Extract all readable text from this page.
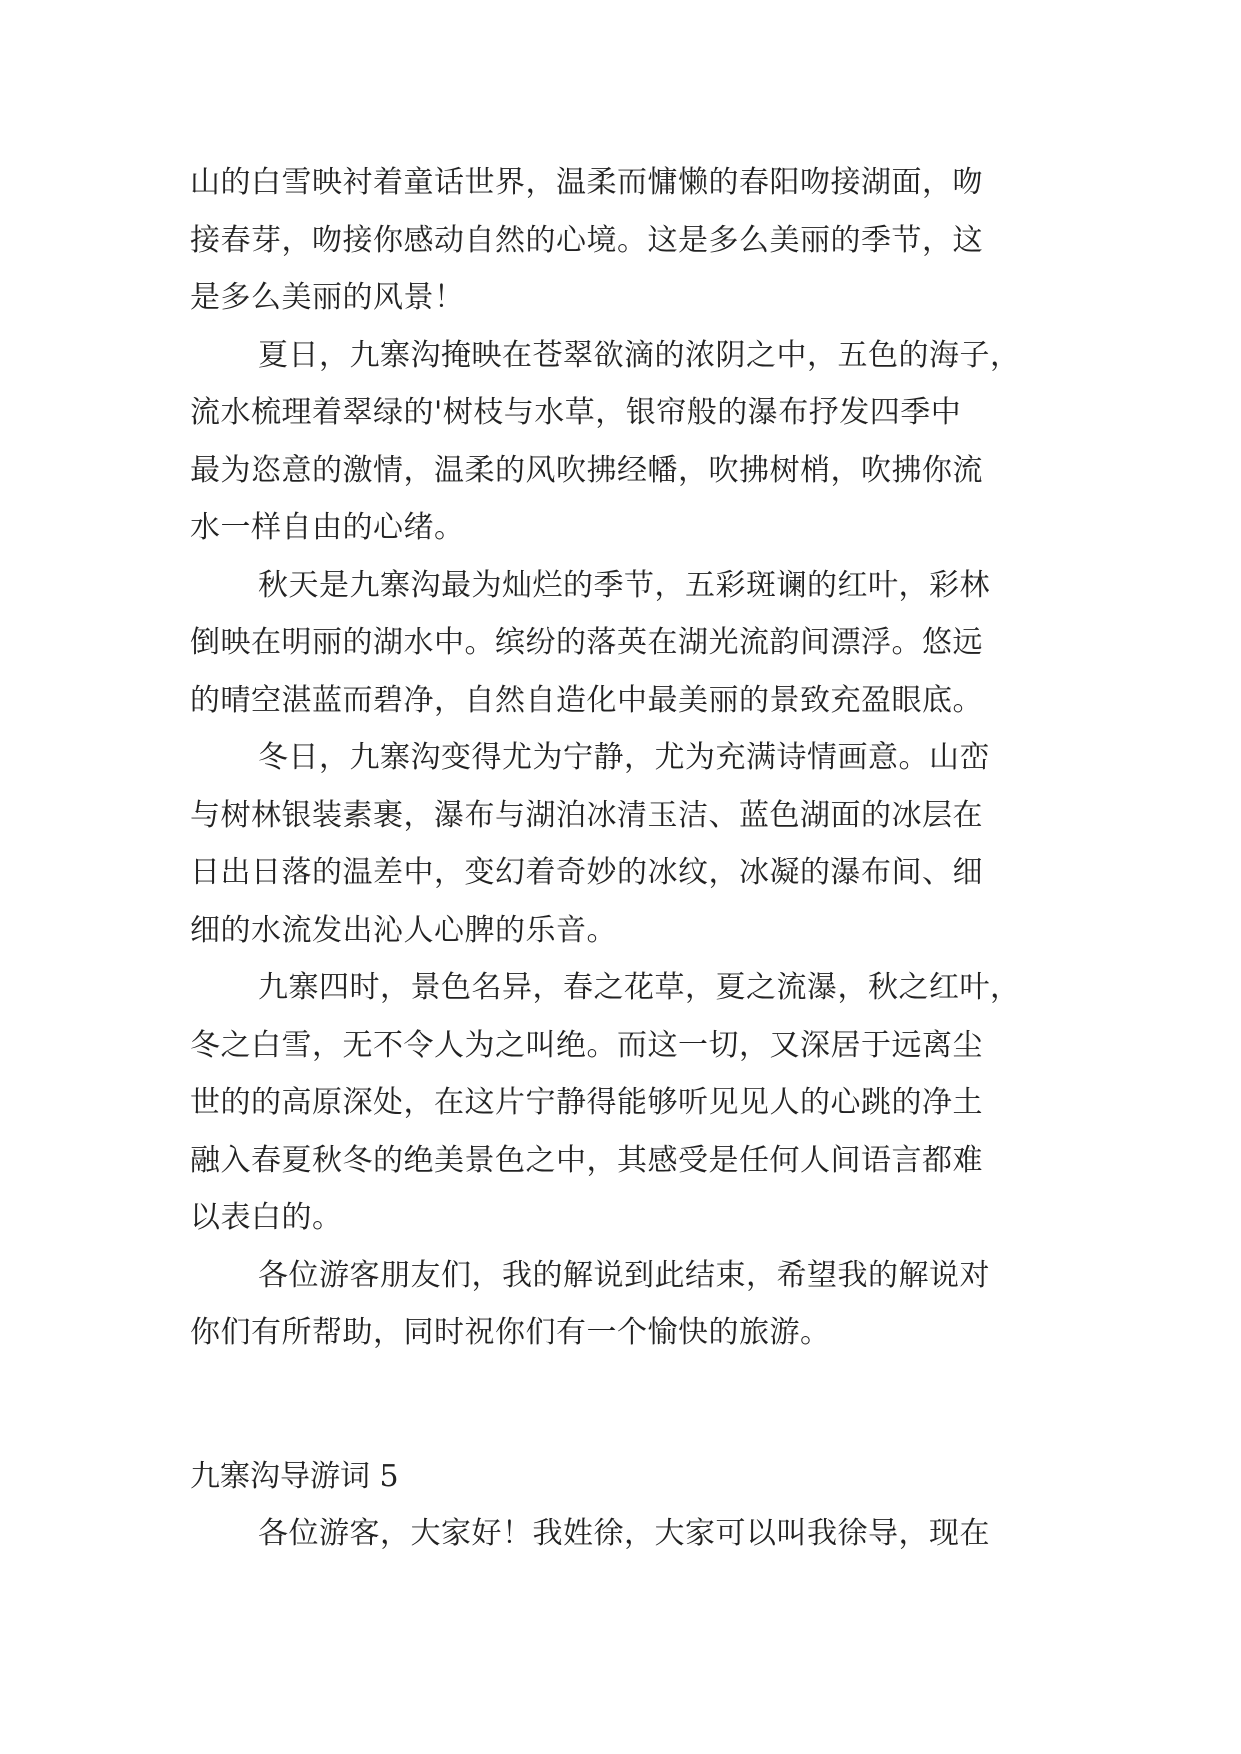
山的白雪映衬着童话世界，温柔而慵懒的春阳吻接湖面，吻
接春芽，吻接你感动自然的心境。这是多么美丽的季节，这
是多么美丽的风景！
夏日，九寨沟掩映在苍翠欲滴的浓阴之中，五色的海子，
流水梳理着翠绿的'树枝与水草，银帘般的瀑布抒发四季中
最为恣意的激情，温柔的风吹拂经幡，吹拂树梢，吹拂你流
水一样自由的心绪。
秋天是九寨沟最为灿烂的季节，五彩斑谰的红叶，彩林
倒映在明丽的湖水中。缤纷的落英在湖光流韵间漂浮。悠远
的晴空湛蓝而碧净，自然自造化中最美丽的景致充盈眼底。
冬日，九寨沟变得尤为宁静，尤为充满诗情画意。山峦
与树林银装素裹，瀑布与湖泊冰清玉洁、蓝色湖面的冰层在
日出日落的温差中，变幻着奇妙的冰纹，冰凝的瀑布间、细
细的水流发出沁人心脾的乐音。
九寨四时，景色名异，春之花草，夏之流瀑，秋之红叶，
冬之白雪，无不令人为之叫绝。而这一切，又深居于远离尘
世的的高原深处，在这片宁静得能够听见见人的心跳的净土
融入春夏秋冬的绝美景色之中，其感受是任何人间语言都难
以表白的。
各位游客朋友们，我的解说到此结束，希望我的解说对
你们有所帮助，同时祝你们有一个愉快的旅游。
九寨沟导游词 5
各位游客，大家好！我姓徐，大家可以叫我徐导，现在
